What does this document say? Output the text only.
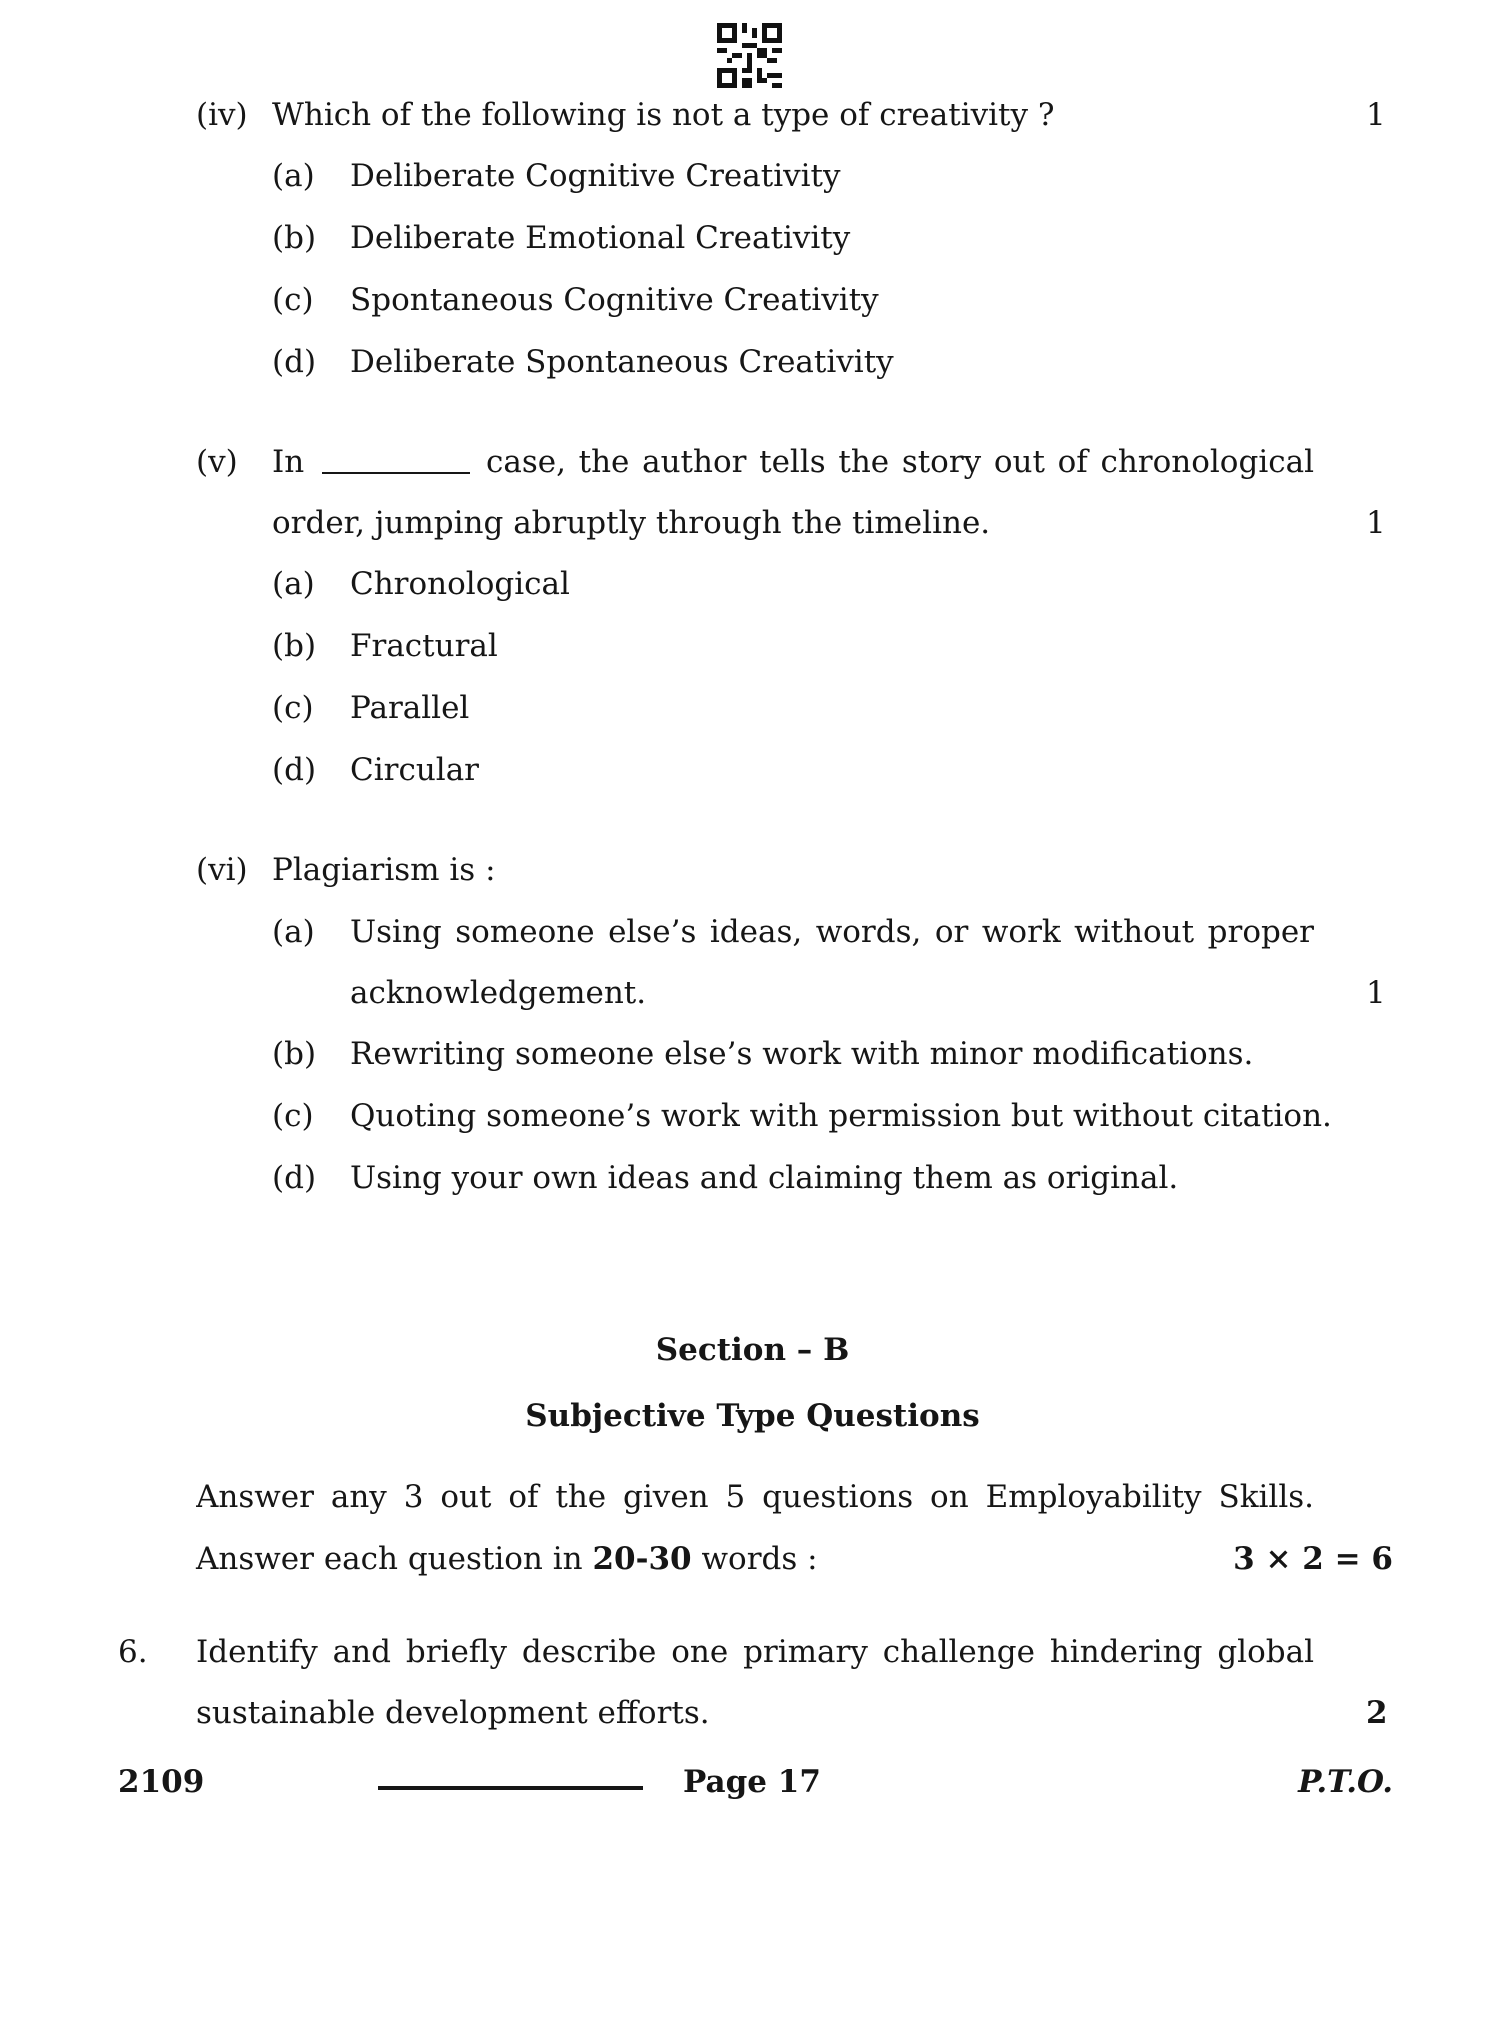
(iv) Which of the following is not a type of creativity ?	1
(a) Deliberate Cognitive Creativity
(b) Deliberate Emotional Creativity
(c) Spontaneous Cognitive Creativity
(d) Deliberate Spontaneous Creativity
(v) In	case, the author tells the story out of chronological
order, jumping abruptly through the timeline.	1
(a) Chronological
(b) Fractural
(c) Parallel
(d) Circular
(vi) Plagiarism is :
(a) Using someone else’s ideas, words, or work without proper
acknowledgement.	1
(b) Rewriting someone else’s work with minor modifications.
(c) Quoting someone’s work with permission but without citation.
(d) Using your own ideas and claiming them as original.
Section – B
Subjective Type Questions
Answer any 3 out of the given 5 questions on Employability Skills.
Answer each question in 20-30 words :	3 × 2 = 6
6. Identify and briefly describe one primary challenge hindering global
sustainable development efforts.	2
2109	Page 17	P.T.O.
